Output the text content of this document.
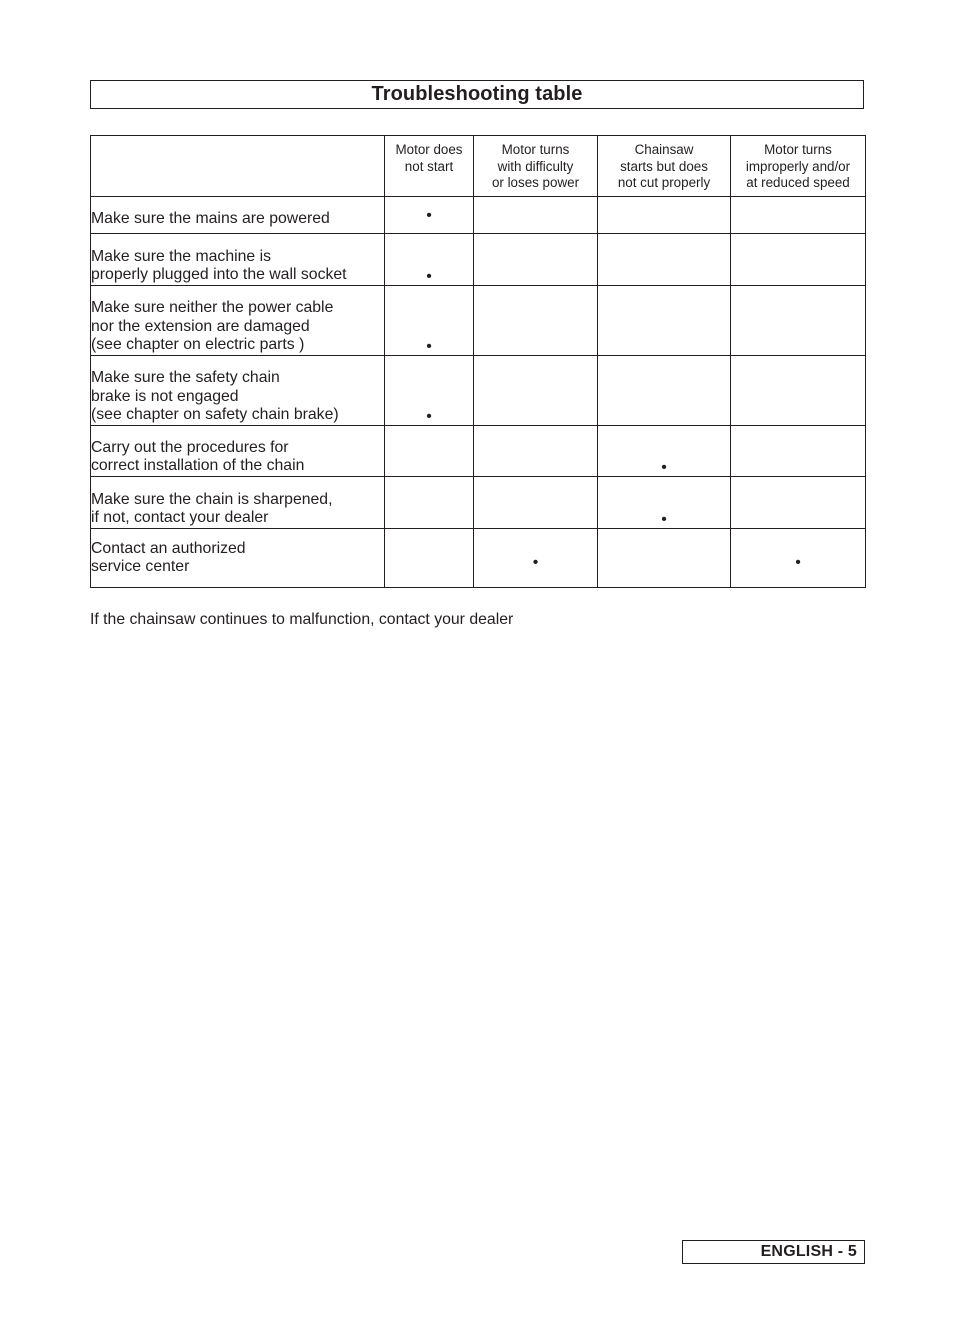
Troubleshooting table
	Motor does
not start	Motor turns
with difficulty
or loses power	Chainsaw
starts but does
not cut properly	Motor turns
improperly and/or
at reduced speed

Make sure the mains are powered	•			

Make sure the machine is
properly plugged into the wall socket	•			

Make sure neither the power cable
nor the extension are damaged
(see chapter on electric parts )	•			

Make sure the safety chain
brake is not engaged
(see chapter on safety chain brake)	•			

Carry out the procedures for
correct installation of the chain			•	

Make sure the chain is sharpened,
if not, contact your dealer			•	

Contact an authorized
service center		•		•

If the chainsaw continues to malfunction, contact your dealer

ENGLISH - 5
